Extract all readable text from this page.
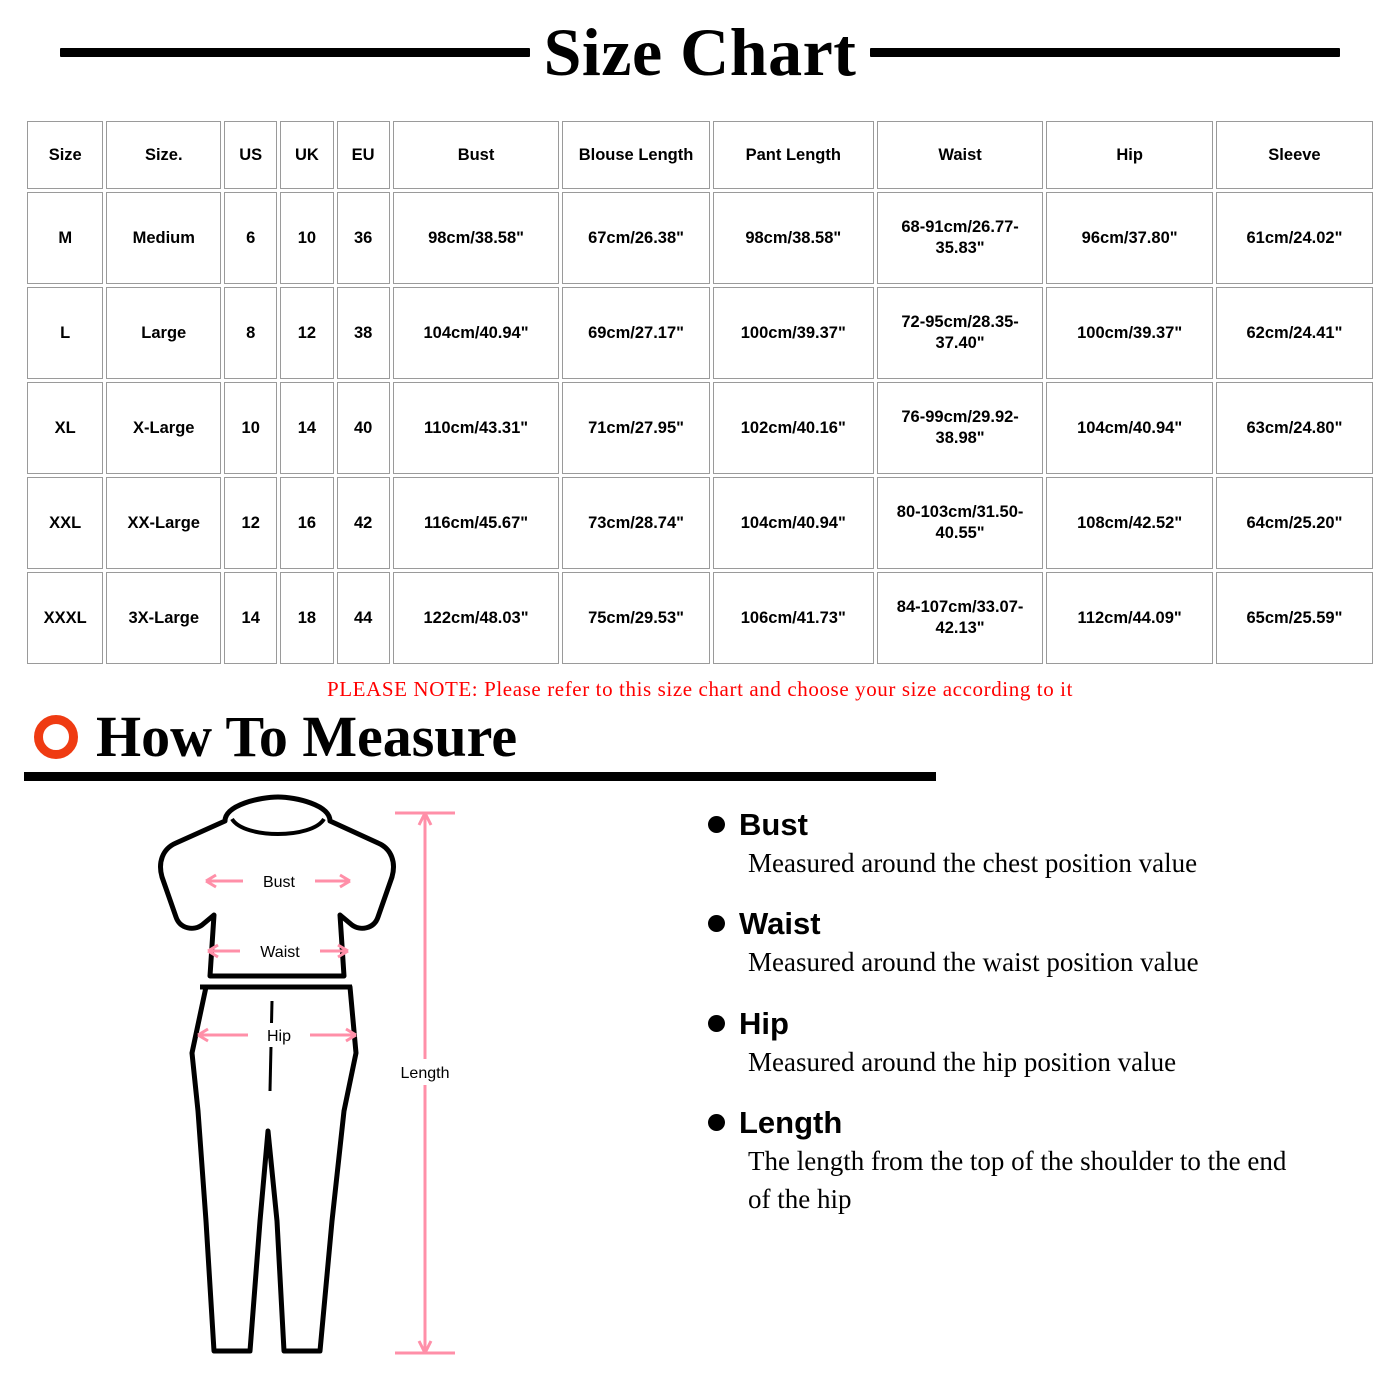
Size Chart
Size	Size.	US	UK	EU	Bust	Blouse Length	Pant Length	Waist	Hip	Sleeve
M	Medium	6	10	36	98cm/38.58"	67cm/26.38"	98cm/38.58"	68-91cm/26.77-35.83"	96cm/37.80"	61cm/24.02"
L	Large	8	12	38	104cm/40.94"	69cm/27.17"	100cm/39.37"	72-95cm/28.35-37.40"	100cm/39.37"	62cm/24.41"
XL	X-Large	10	14	40	110cm/43.31"	71cm/27.95"	102cm/40.16"	76-99cm/29.92-38.98"	104cm/40.94"	63cm/24.80"
XXL	XX-Large	12	16	42	116cm/45.67"	73cm/28.74"	104cm/40.94"	80-103cm/31.50-40.55"	108cm/42.52"	64cm/25.20"
XXXL	3X-Large	14	18	44	122cm/48.03"	75cm/29.53"	106cm/41.73"	84-107cm/33.07-42.13"	112cm/44.09"	65cm/25.59"
PLEASE NOTE: Please refer to this size chart and choose your size according to it
How To Measure
Bust
Waist
Hip
Length
Bust
Measured around the chest position value
Waist
Measured around the waist position value
Hip
Measured around the hip position value
Length
The length from the top of the shoulder to the end of the hip
